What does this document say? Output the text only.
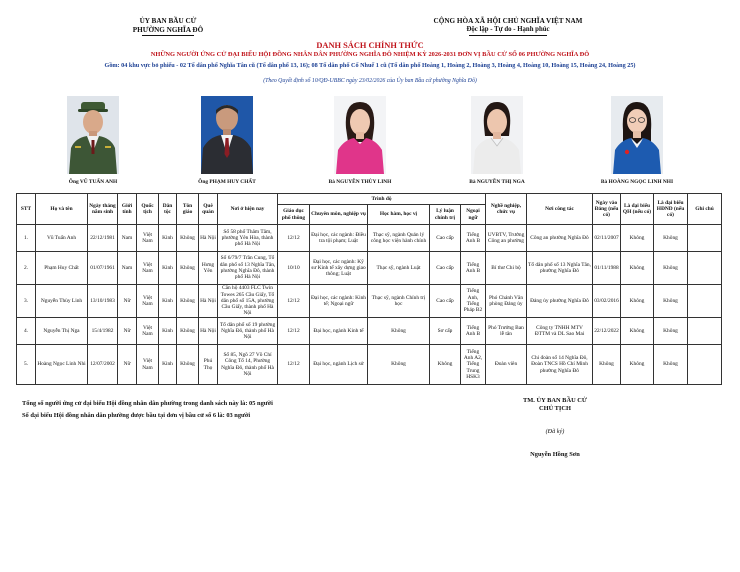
ỦY BAN BẦU CỬ
PHƯỜNG NGHĨA ĐÔ
CỘNG HÒA XÃ HỘI CHỦ NGHĨA VIỆT NAM
Độc lập - Tự do - Hạnh phúc
DANH SÁCH CHÍNH THỨC
NHỮNG NGƯỜI ỨNG CỬ ĐẠI BIỂU HỘI ĐỒNG NHÂN DÂN PHƯỜNG NGHĨA ĐÔ NHIỆM KỲ 2026-2031 ĐƠN VỊ BẦU CỬ SỐ 06 PHƯỜNG NGHĨA ĐÔ
Gồm: 04 khu vực bỏ phiếu - 02 Tổ dân phố Nghĩa Tân cũ (Tổ dân phố 13, 16); 08 Tổ dân phố Cổ Nhuế 1 cũ (Tổ dân phố Hoàng 1, Hoàng 2, Hoàng 3, Hoàng 4, Hoàng 10, Hoàng 15, Hoàng 24, Hoàng 25)
(Theo Quyết định số 10/QĐ-UBBC ngày 23/02/2026 của Ủy ban Bầu cử phường Nghĩa Đô)
Ông VŨ TUẤN ANH	Ông PHẠM HUY CHẤT	Bà NGUYỄN THÙY LINH	Bà NGUYỄN THỊ NGA	Bà HOÀNG NGỌC LINH NHI
STT	Họ và tên	Ngày tháng năm sinh	Giới tính	Quốc tịch	Dân tộc	Tôn giáo	Quê quán	Nơi ở hiện nay	Trình độ					Nghề nghiệp, chức vụ	Nơi công tác	Ngày vào Đảng (nếu có)	Là đại biểu QH (nếu có)	Là đại biểu HĐND (nếu có)	Ghi chú
									Giáo dục phổ thông	Chuyên môn, nghiệp vụ	Học hàm, học vị	Lý luận chính trị	Ngoại ngữ						
1.	Vũ Tuấn Anh	22/12/1981	Nam	Việt Nam	Kinh	Không	Hà Nội	Số 58 phố Thâm Tâm, phường Yên Hòa, thành phố Hà Nội	12/12	Đại học, các ngành: Điều tra tội phạm; Luật	Thạc sỹ, ngành Quản lý công học viện hành chính	Cao cấp	Tiếng Anh B	UVBTV, Trưởng Công an phường	Công an phường Nghĩa Đô	02/11/2007	Không	Không	
2.	Phạm Huy Chất	01/07/1961	Nam	Việt Nam	Kinh	Không	Hưng Yên	Số 6/79/7 Trần Cung, Tổ dân phố số 13 Nghĩa Tân, phường Nghĩa Đô, thành phố Hà Nội	10/10	Đại học, các ngành: Kỹ sư Kinh tế xây dựng giao thông; Luật	Thạc sỹ, ngành Luật	Cao cấp	Tiếng Anh B	Bí thư Chi bộ	Tổ dân phố số 13 Nghĩa Tân, phường Nghĩa Đô	01/11/1988	Không	Không	
3.	Nguyễn Thùy Linh	13/10/1983	Nữ	Việt Nam	Kinh	Không	Hà Nội	Căn hộ 4403 FLC Twin Towes 265 Cầu Giấy, Tổ dân phố số 15A, phường Cầu Giấy, thành phố Hà Nội	12/12	Đại học, các ngành: Kinh tế; Ngoại ngữ	Thạc sỹ, ngành Chính trị học	Cao cấp	Tiếng Anh, Tiếng Pháp B2	Phó Chánh Văn phòng Đảng ủy	Đảng ủy phường Nghĩa Đô	03/02/2016	Không	Không	
4.	Nguyễn Thị Nga	15/4/1982	Nữ	Việt Nam	Kinh	Không	Hà Nội	Tổ dân phố số 19 phường Nghĩa Đô, thành phố Hà Nội	12/12	Đại học, ngành Kinh tế	Không	Sơ cấp	Tiếng Anh B	Phó Trưởng Ban lễ tân	Công ty TNHH MTV ĐTTM và DL Sao Mai	22/12/2022	Không	Không	
5.	Hoàng Ngọc Linh Nhi	12/07/2002	Nữ	Việt Nam	Kinh	Không	Phú Thọ	Số 85, Ngõ 27 Võ Chí Công Tổ 14, Phường Nghĩa Đô, thành phố Hà Nội	12/12	Đại học, ngành Lịch sử	Không	Không	Tiếng Anh A2, Tiếng Trung HSK3	Đoàn viên	Chi đoàn số 14 Nghĩa Đô, Đoàn TNCS Hồ Chí Minh phường Nghĩa Đô	Không	Không	Không	
Tổng số người ứng cử đại biểu Hội đồng nhân dân phường trong danh sách này là: 05 người
Số đại biểu Hội đồng nhân dân phường được bầu tại đơn vị bầu cử số 6 là: 03 người
TM. ỦY BAN BẦU CỬ
CHỦ TỊCH
(Đã ký)
Nguyễn Hồng Sơn
